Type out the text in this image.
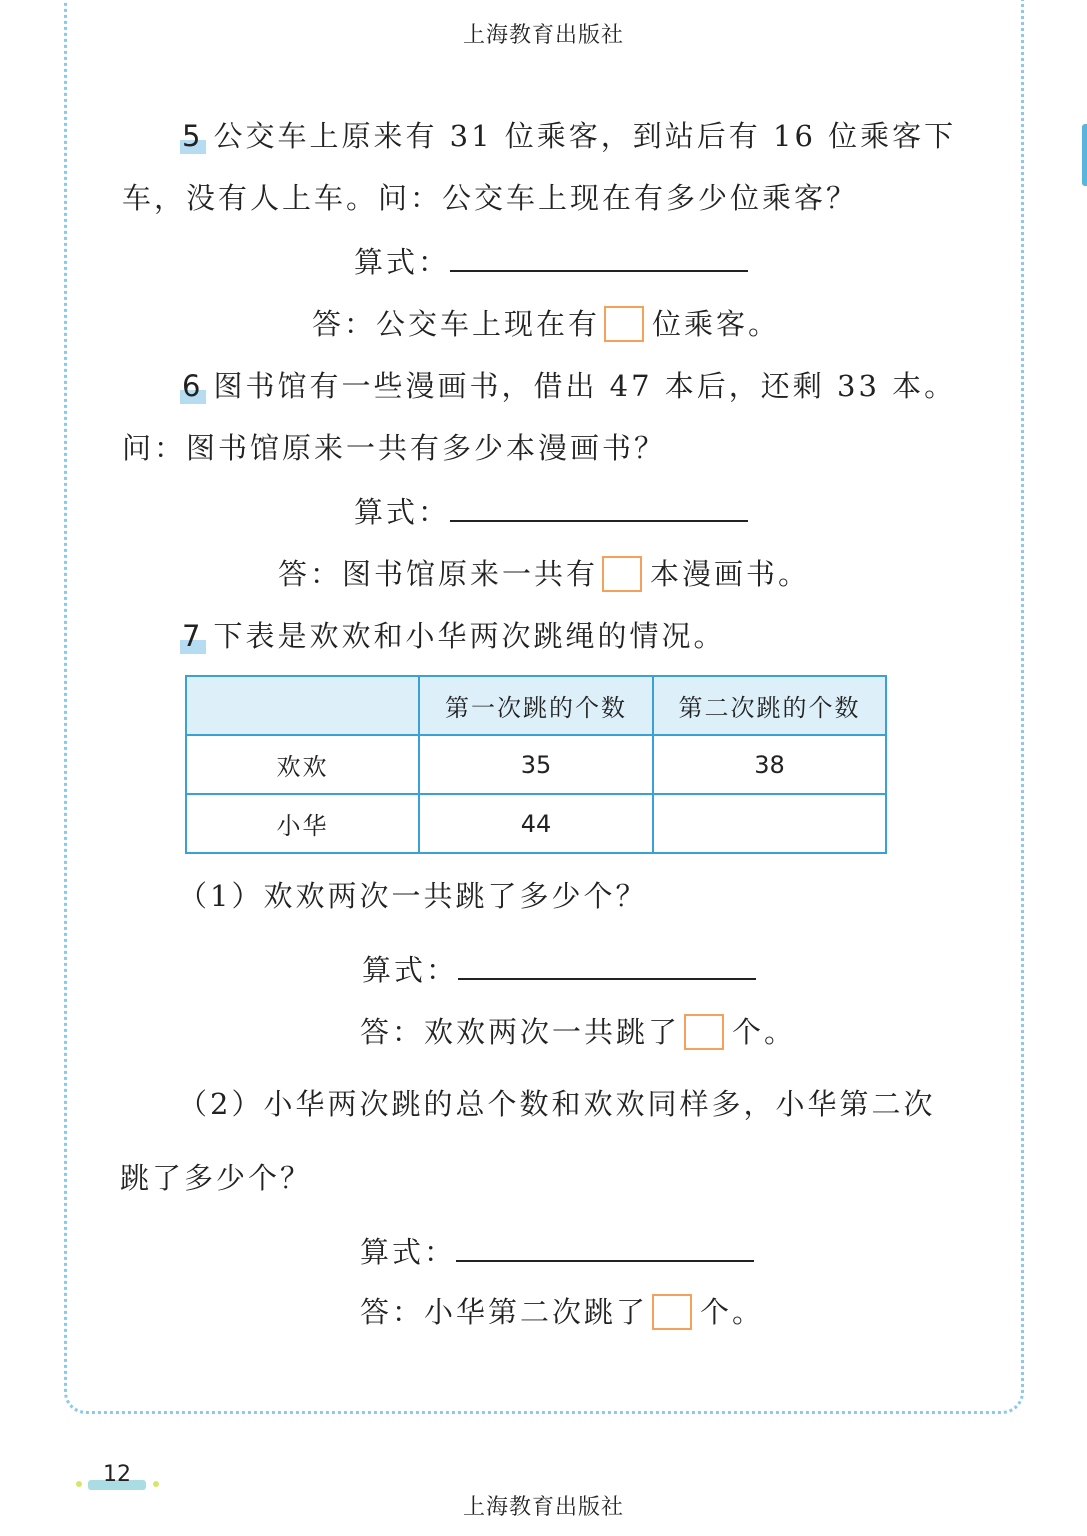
上海教育出版社
5 公交车上原来有 31 位乘客，到站后有 16 位乘客下
车，没有人上车。问：公交车上现在有多少位乘客？
算式：
答：公交车上现在有 位乘客。
6 图书馆有一些漫画书，借出 47 本后，还剩 33 本。
问：图书馆原来一共有多少本漫画书？
算式：
答：图书馆原来一共有 本漫画书。
7 下表是欢欢和小华两次跳绳的情况。
	第一次跳的个数	第二次跳的个数
欢欢	35	38
小华	44	
（1）欢欢两次一共跳了多少个？
算式：
答：欢欢两次一共跳了 个。
（2）小华两次跳的总个数和欢欢同样多，小华第二次
跳了多少个？
算式：
答：小华第二次跳了 个。
12
上海教育出版社
